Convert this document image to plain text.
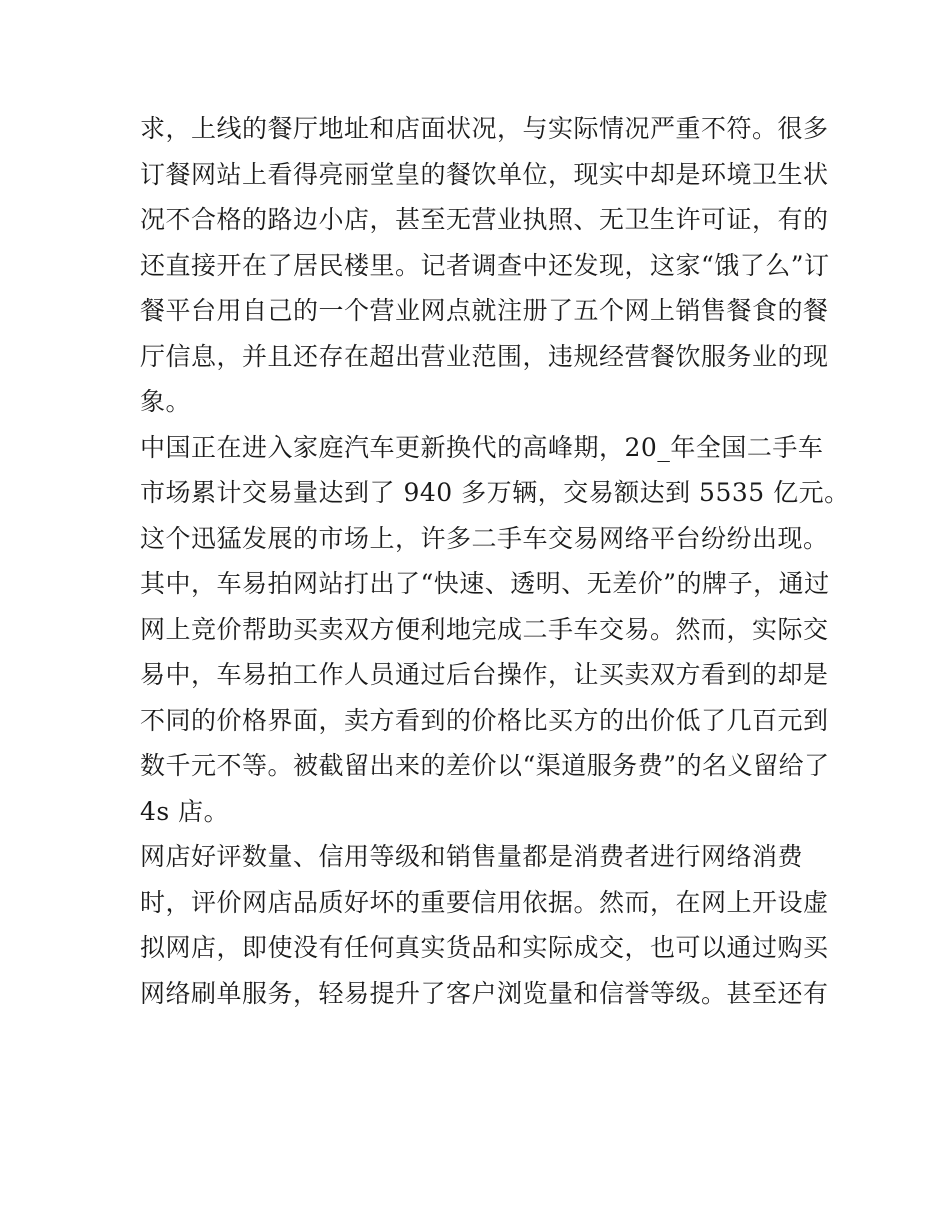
求，上线的餐厅地址和店面状况，与实际情况严重不符。很多
订餐网站上看得亮丽堂皇的餐饮单位，现实中却是环境卫生状
况不合格的路边小店，甚至无营业执照、无卫生许可证，有的
还直接开在了居民楼里。记者调查中还发现，这家“饿了么”订
餐平台用自己的一个营业网点就注册了五个网上销售餐食的餐
厅信息，并且还存在超出营业范围，违规经营餐饮服务业的现
象。
中国正在进入家庭汽车更新换代的高峰期，20_年全国二手车
市场累计交易量达到了 940 多万辆，交易额达到 5535 亿元。
这个迅猛发展的市场上，许多二手车交易网络平台纷纷出现。
其中，车易拍网站打出了“快速、透明、无差价”的牌子，通过
网上竞价帮助买卖双方便利地完成二手车交易。然而，实际交
易中，车易拍工作人员通过后台操作，让买卖双方看到的却是
不同的价格界面，卖方看到的价格比买方的出价低了几百元到
数千元不等。被截留出来的差价以“渠道服务费”的名义留给了
4s 店。
网店好评数量、信用等级和销售量都是消费者进行网络消费
时，评价网店品质好坏的重要信用依据。然而，在网上开设虚
拟网店，即使没有任何真实货品和实际成交，也可以通过购买
网络刷单服务，轻易提升了客户浏览量和信誉等级。甚至还有
